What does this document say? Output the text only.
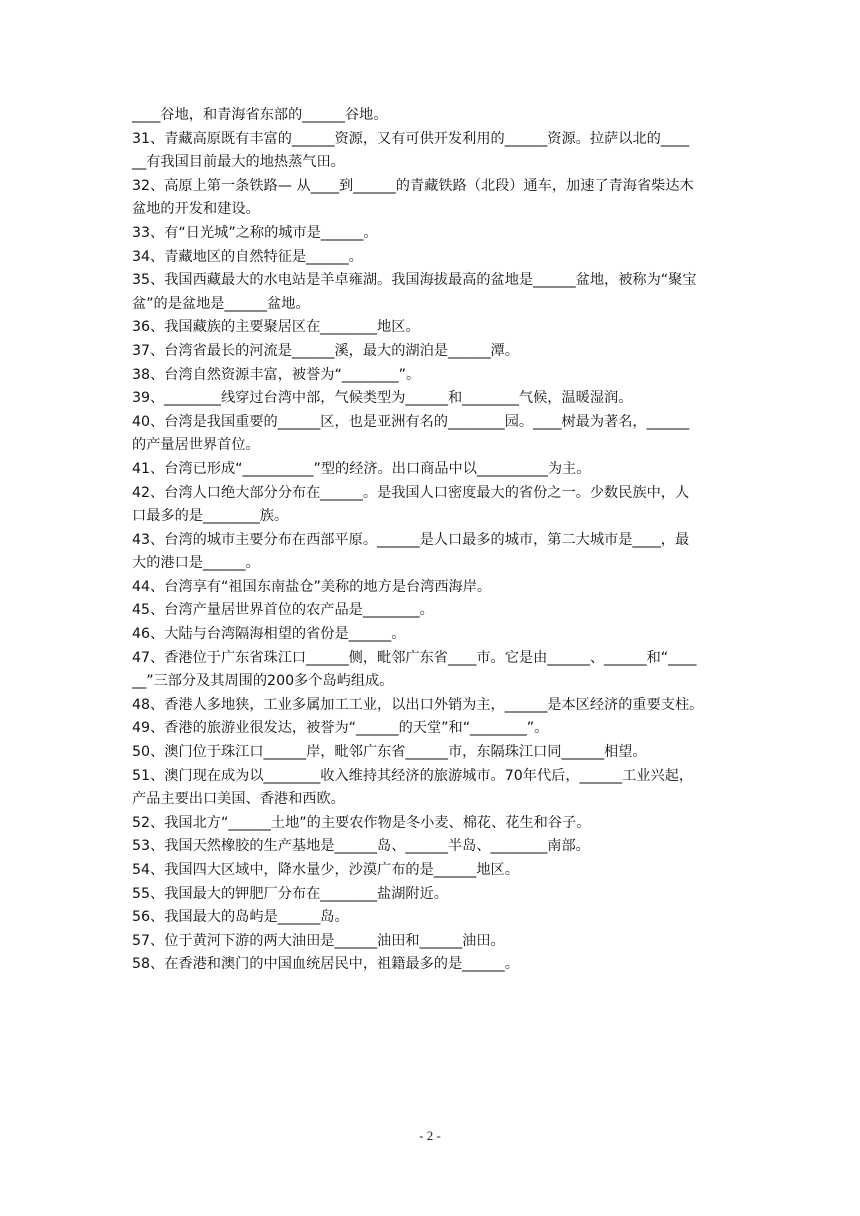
____谷地，和青海省东部的______谷地。
31、青藏高原既有丰富的______资源，又有可供开发利用的______资源。拉萨以北的____
__有我国目前最大的地热蒸气田。
32、高原上第一条铁路— 从____到______的青藏铁路（北段）通车，加速了青海省柴达木
盆地的开发和建设。
33、有“日光城”之称的城市是______。
34、青藏地区的自然特征是______。
35、我国西藏最大的水电站是羊卓雍湖。我国海拔最高的盆地是______盆地，被称为“聚宝
盆”的是盆地是______盆地。
36、我国藏族的主要聚居区在________地区。
37、台湾省最长的河流是______溪，最大的湖泊是______潭。
38、台湾自然资源丰富，被誉为“________”。
39、________线穿过台湾中部，气候类型为______和________气候，温暖湿润。
40、台湾是我国重要的______区，也是亚洲有名的________园。____树最为著名，______
的产量居世界首位。
41、台湾已形成“__________”型的经济。出口商品中以__________为主。
42、台湾人口绝大部分分布在______。是我国人口密度最大的省份之一。少数民族中，人
口最多的是________族。
43、台湾的城市主要分布在西部平原。______是人口最多的城市，第二大城市是____，最
大的港口是______。
44、台湾享有“祖国东南盐仓”美称的地方是台湾西海岸。
45、台湾产量居世界首位的农产品是________。
46、大陆与台湾隔海相望的省份是______。
47、香港位于广东省珠江口______侧，毗邻广东省____市。它是由______、______和“____
__”三部分及其周围的200多个岛屿组成。
48、香港人多地狭，工业多属加工工业，以出口外销为主，______是本区经济的重要支柱。
49、香港的旅游业很发达，被誉为“______的天堂”和“________”。
50、澳门位于珠江口______岸，毗邻广东省______市，东隔珠江口同______相望。
51、澳门现在成为以________收入维持其经济的旅游城市。70年代后，______工业兴起，
产品主要出口美国、香港和西欧。
52、我国北方“______土地”的主要农作物是冬小麦、棉花、花生和谷子。
53、我国天然橡胶的生产基地是______岛、______半岛、________南部。
54、我国四大区域中，降水量少，沙漠广布的是______地区。
55、我国最大的钾肥厂分布在________盐湖附近。
56、我国最大的岛屿是______岛。
57、位于黄河下游的两大油田是______油田和______油田。
58、在香港和澳门的中国血统居民中，祖籍最多的是______。
- 2 -
